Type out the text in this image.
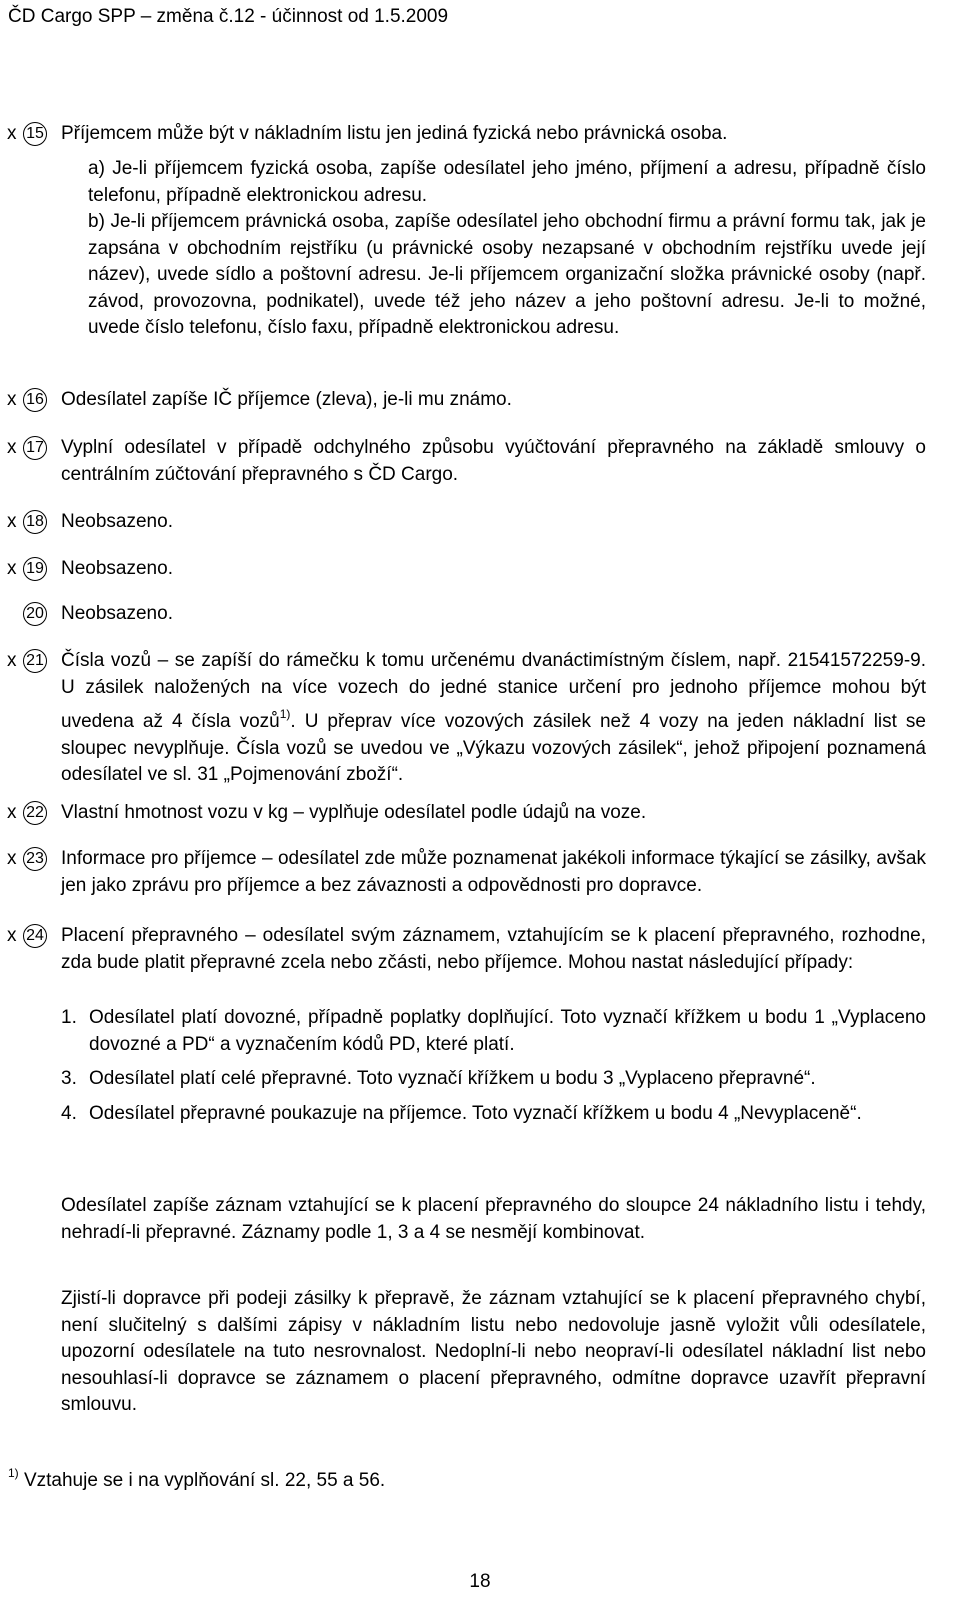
ČD Cargo SPP – změna č.12 - účinnost od 1.5.2009
x 15 Příjemcem může být v nákladním listu jen jediná fyzická nebo právnická osoba.

a) Je-li příjemcem fyzická osoba, zapíše odesílatel jeho jméno, příjmení a adresu, případně číslo telefonu, případně elektronickou adresu.

b) Je-li příjemcem právnická osoba, zapíše odesílatel jeho obchodní firmu a právní formu tak, jak je zapsána v obchodním rejstříku (u právnické osoby nezapsané v obchodním rejstříku uvede její název), uvede sídlo a poštovní adresu. Je-li příjemcem organizační složka právnické osoby (např. závod, provozovna, podnikatel), uvede též jeho název a jeho poštovní adresu. Je-li to možné, uvede číslo telefonu, číslo faxu, případně elektronickou adresu.

x 16 Odesílatel zapíše IČ příjemce (zleva), je-li mu známo.
x 17 Vyplní odesílatel v případě odchylného způsobu vyúčtování přepravného na základě smlouvy o centrálním zúčtování přepravného s ČD Cargo.
x 18 Neobsazeno.
x 19 Neobsazeno.
20 Neobsazeno.
x 21 Čísla vozů – se zapíší do rámečku k tomu určenému dvanáctimístným číslem, např. 21541572259-9. U zásilek naložených na více vozech do jedné stanice určení pro jednoho příjemce mohou být uvedena až 4 čísla vozů$^{1)}$. U přeprav více vozových zásilek než 4 vozy na jeden nákladní list se sloupec nevyplňuje. Čísla vozů se uvedou ve „Výkazu vozových zásilek“, jehož připojení poznamená odesílatel ve sl. 31 „Pojmenování zboží“.
x 22 Vlastní hmotnost vozu v kg – vyplňuje odesílatel podle údajů na voze.
x 23 Informace pro příjemce – odesílatel zde může poznamenat jakékoli informace týkající se zásilky, avšak jen jako zprávu pro příjemce a bez závaznosti a odpovědnosti pro dopravce.
x 24 Placení přepravného – odesílatel svým záznamem, vztahujícím se k placení přepravného, rozhodne, zda bude platit přepravné zcela nebo zčásti, nebo příjemce. Mohou nastat následující případy:
1. Odesílatel platí dovozné, případně poplatky doplňující. Toto vyznačí křížkem u bodu 1 „Vyplaceno dovozné a PD“ a vyznačením kódů PD, které platí.
3. Odesílatel platí celé přepravné. Toto vyznačí křížkem u bodu 3 „Vyplaceno přepravné“.
4. Odesílatel přepravné poukazuje na příjemce. Toto vyznačí křížkem u bodu 4 „Nevyplaceně“.
Odesílatel zapíše záznam vztahující se k placení přepravného do sloupce 24 nákladního listu i tehdy, nehradí-li přepravné. Záznamy podle 1, 3 a 4 se nesmějí kombinovat.
Zjistí-li dopravce při podeji zásilky k přepravě, že záznam vztahující se k placení přepravného chybí, není slučitelný s dalšími zápisy v nákladním listu nebo nedovoluje jasně vyložit vůli odesílatele, upozorní odesílatele na tuto nesrovnalost. Nedoplní-li nebo neopraví-li odesílatel nákladní list nebo nesouhlasí-li dopravce se záznamem o placení přepravného, odmítne dopravce uzavřít přepravní smlouvu.
$^{1)}$ Vztahuje se i na vyplňování sl. 22, 55 a 56.
18
